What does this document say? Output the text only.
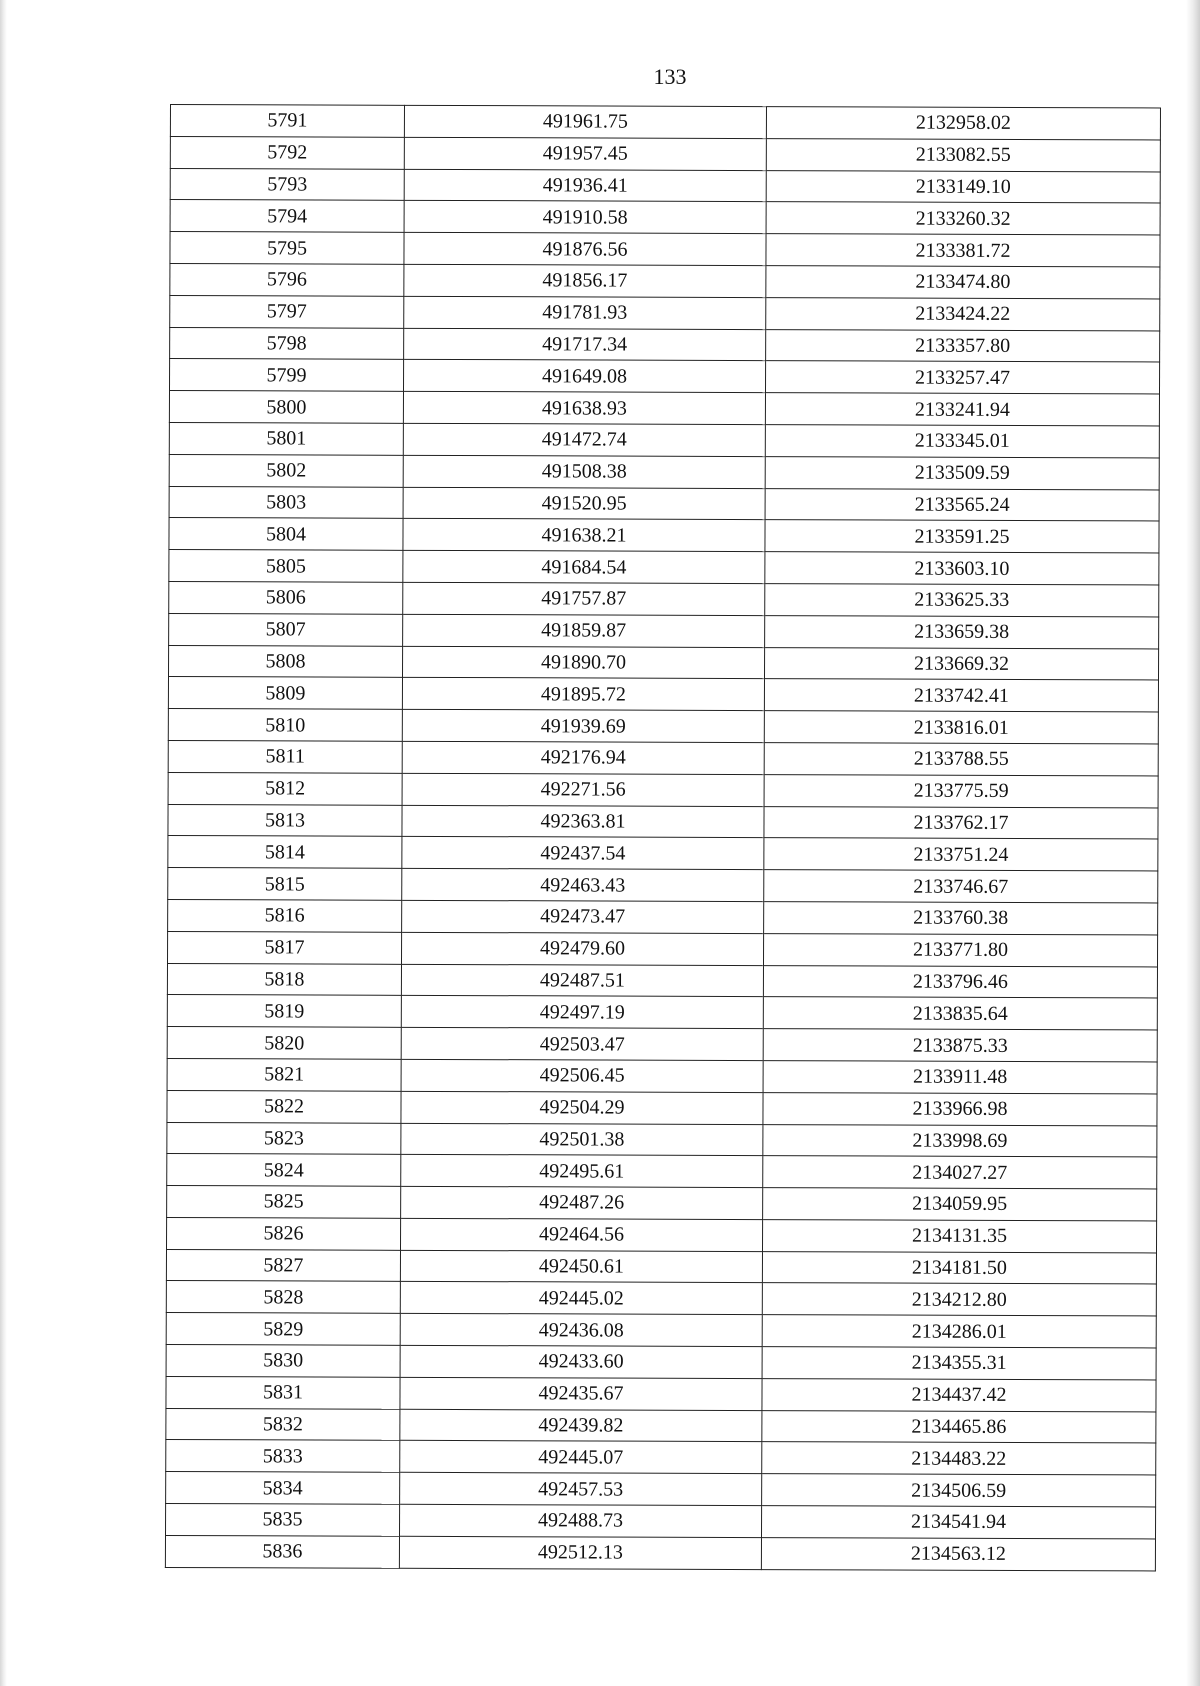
133
5791	491961.75	2132958.02
5792	491957.45	2133082.55
5793	491936.41	2133149.10
5794	491910.58	2133260.32
5795	491876.56	2133381.72
5796	491856.17	2133474.80
5797	491781.93	2133424.22
5798	491717.34	2133357.80
5799	491649.08	2133257.47
5800	491638.93	2133241.94
5801	491472.74	2133345.01
5802	491508.38	2133509.59
5803	491520.95	2133565.24
5804	491638.21	2133591.25
5805	491684.54	2133603.10
5806	491757.87	2133625.33
5807	491859.87	2133659.38
5808	491890.70	2133669.32
5809	491895.72	2133742.41
5810	491939.69	2133816.01
5811	492176.94	2133788.55
5812	492271.56	2133775.59
5813	492363.81	2133762.17
5814	492437.54	2133751.24
5815	492463.43	2133746.67
5816	492473.47	2133760.38
5817	492479.60	2133771.80
5818	492487.51	2133796.46
5819	492497.19	2133835.64
5820	492503.47	2133875.33
5821	492506.45	2133911.48
5822	492504.29	2133966.98
5823	492501.38	2133998.69
5824	492495.61	2134027.27
5825	492487.26	2134059.95
5826	492464.56	2134131.35
5827	492450.61	2134181.50
5828	492445.02	2134212.80
5829	492436.08	2134286.01
5830	492433.60	2134355.31
5831	492435.67	2134437.42
5832	492439.82	2134465.86
5833	492445.07	2134483.22
5834	492457.53	2134506.59
5835	492488.73	2134541.94
5836	492512.13	2134563.12
